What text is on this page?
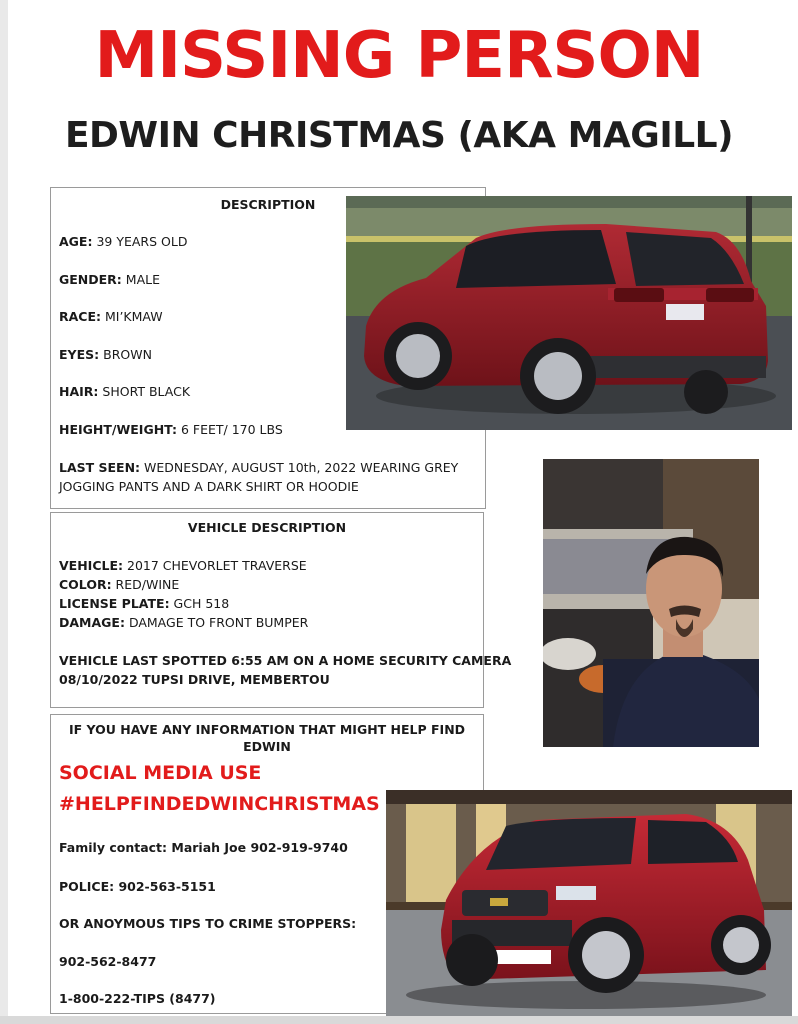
MISSING PERSON
EDWIN CHRISTMAS (AKA MAGILL)
DESCRIPTION
AGE: 39 YEARS OLD
GENDER: MALE
RACE: MI’KMAW
EYES: BROWN
HAIR: SHORT BLACK
HEIGHT/WEIGHT: 6 FEET/ 170 LBS
LAST SEEN: WEDNESDAY, AUGUST 10th, 2022 WEARING GREY
JOGGING PANTS AND A DARK SHIRT OR HOODIE
VEHICLE DESCRIPTION
VEHICLE: 2017 CHEVORLET TRAVERSE
COLOR: RED/WINE
LICENSE PLATE: GCH 518
DAMAGE: DAMAGE TO FRONT BUMPER
VEHICLE LAST SPOTTED 6:55 AM ON A HOME SECURITY CAMERA
08/10/2022 TUPSI DRIVE, MEMBERTOU
IF YOU HAVE ANY INFORMATION THAT MIGHT HELP FIND
EDWIN
SOCIAL MEDIA USE
#HELPFINDEDWINCHRISTMAS
Family contact: Mariah Joe 902-919-9740
POLICE: 902-563-5151
OR ANOYMOUS TIPS TO CRIME STOPPERS:
902-562-8477
1-800-222-TIPS (8477)
